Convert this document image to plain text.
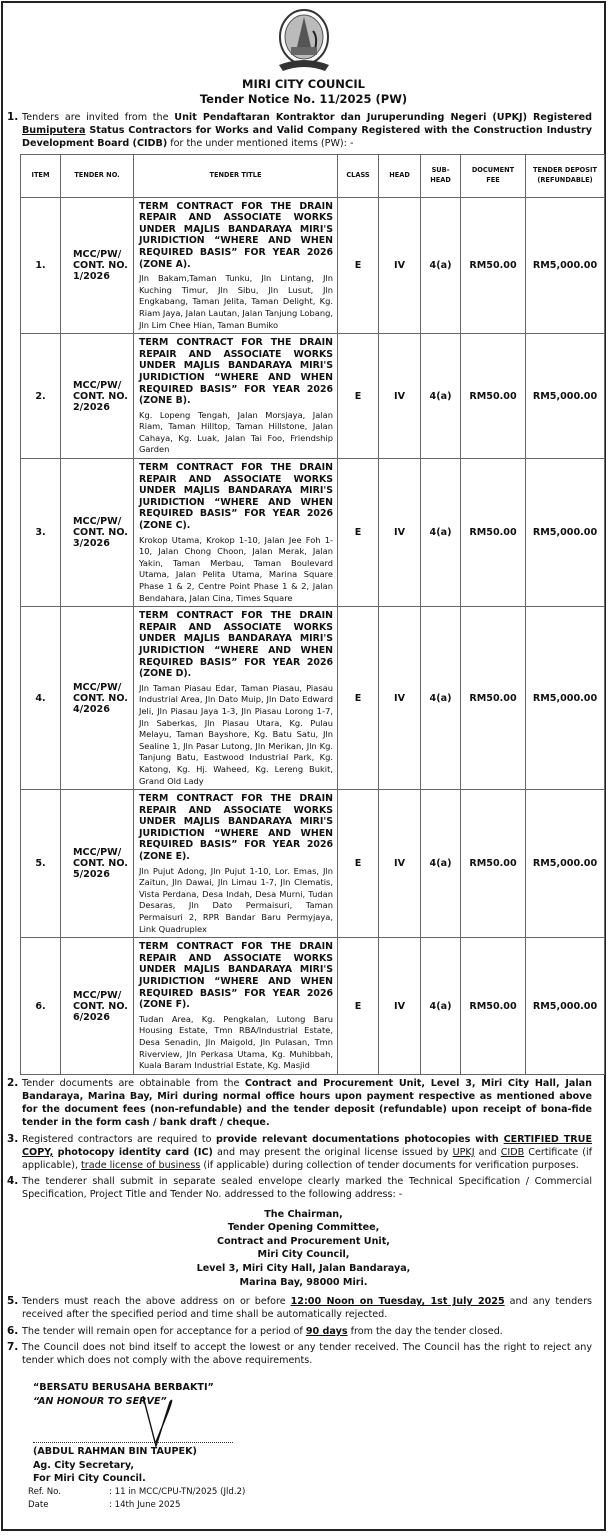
MIRI CITY COUNCIL
Tender Notice No. 11/2025 (PW)
1. Tenders are invited from the Unit Pendaftaran Kontraktor dan Juruperunding Negeri (UPKJ) Registered Bumiputera Status Contractors for Works and Valid Company Registered with the Construction Industry Development Board (CIDB) for the under mentioned items (PW): -
ITEM	TENDER NO.	TENDER TITLE	CLASS	HEAD	SUB-HEAD	DOCUMENT FEE	TENDER DEPOSIT (REFUNDABLE)
1.	MCC/PW/ CONT. NO. 1/2026	TERM CONTRACT FOR THE DRAIN REPAIR AND ASSOCIATE WORKS UNDER MAJLIS BANDARAYA MIRI'S JURIDICTION “WHERE AND WHEN REQUIRED BASIS” FOR YEAR 2026 (ZONE A).
Jln Bakam,Taman Tunku, Jln Lintang, Jln Kuching Timur, Jln Sibu, Jln Lusut, Jln Engkabang, Taman Jelita, Taman Delight, Kg. Riam Jaya, Jalan Lautan, Jalan Tanjung Lobang, Jln Lim Chee Hian, Taman Bumiko	E	IV	4(a)	RM50.00	RM5,000.00
2.	MCC/PW/ CONT. NO. 2/2026	TERM CONTRACT FOR THE DRAIN REPAIR AND ASSOCIATE WORKS UNDER MAJLIS BANDARAYA MIRI'S JURIDICTION “WHERE AND WHEN REQUIRED BASIS” FOR YEAR 2026 (ZONE B).
Kg. Lopeng Tengah, Jalan Morsjaya, Jalan Riam, Taman Hilltop, Taman Hillstone, Jalan Cahaya, Kg. Luak, Jalan Tai Foo, Friendship Garden	E	IV	4(a)	RM50.00	RM5,000.00
3.	MCC/PW/ CONT. NO. 3/2026	TERM CONTRACT FOR THE DRAIN REPAIR AND ASSOCIATE WORKS UNDER MAJLIS BANDARAYA MIRI'S JURIDICTION “WHERE AND WHEN REQUIRED BASIS” FOR YEAR 2026 (ZONE C).
Krokop Utama, Krokop 1-10, Jalan Jee Foh 1-10, Jalan Chong Choon, Jalan Merak, Jalan Yakin, Taman Merbau, Taman Boulevard Utama, Jalan Pelita Utama, Marina Square Phase 1 & 2, Centre Point Phase 1 & 2, Jalan Bendahara, Jalan Cina, Times Square	E	IV	4(a)	RM50.00	RM5,000.00
4.	MCC/PW/ CONT. NO. 4/2026	TERM CONTRACT FOR THE DRAIN REPAIR AND ASSOCIATE WORKS UNDER MAJLIS BANDARAYA MIRI'S JURIDICTION “WHERE AND WHEN REQUIRED BASIS” FOR YEAR 2026 (ZONE D).
Jln Taman Piasau Edar, Taman Piasau, Piasau Industrial Area, Jln Dato Muip, Jln Dato Edward Jeli, Jln Piasau Jaya 1-3, Jln Piasau Lorong 1-7, Jln Saberkas, Jln Piasau Utara, Kg. Pulau Melayu, Taman Bayshore, Kg. Batu Satu, Jln Sealine 1, Jln Pasar Lutong, Jln Merikan, Jln Kg. Tanjung Batu, Eastwood Industrial Park, Kg. Katong, Kg. Hj. Waheed, Kg. Lereng Bukit, Grand Old Lady	E	IV	4(a)	RM50.00	RM5,000.00
5.	MCC/PW/ CONT. NO. 5/2026	TERM CONTRACT FOR THE DRAIN REPAIR AND ASSOCIATE WORKS UNDER MAJLIS BANDARAYA MIRI'S JURIDICTION “WHERE AND WHEN REQUIRED BASIS” FOR YEAR 2026 (ZONE E).
Jln Pujut Adong, Jln Pujut 1-10, Lor. Emas, Jln Zaitun, Jln Dawai, Jln Limau 1-7, Jln Clematis, Vista Perdana, Desa Indah, Desa Murni, Tudan Desaras, Jln Dato Permaisuri, Taman Permaisuri 2, RPR Bandar Baru Permyjaya, Link Quadruplex	E	IV	4(a)	RM50.00	RM5,000.00
6.	MCC/PW/ CONT. NO. 6/2026	TERM CONTRACT FOR THE DRAIN REPAIR AND ASSOCIATE WORKS UNDER MAJLIS BANDARAYA MIRI'S JURIDICTION “WHERE AND WHEN REQUIRED BASIS” FOR YEAR 2026 (ZONE F).
Tudan Area, Kg. Pengkalan, Lutong Baru Housing Estate, Tmn RBA/Industrial Estate, Desa Senadin, Jln Maigold, Jln Pulasan, Tmn Riverview, Jln Perkasa Utama, Kg. Muhibbah, Kuala Baram Industrial Estate, Kg. Masjid	E	IV	4(a)	RM50.00	RM5,000.00
2. Tender documents are obtainable from the Contract and Procurement Unit, Level 3, Miri City Hall, Jalan Bandaraya, Marina Bay, Miri during normal office hours upon payment respective as mentioned above for the document fees (non-refundable) and the tender deposit (refundable) upon receipt of bona-fide tender in the form cash / bank draft / cheque.
3. Registered contractors are required to provide relevant documentations photocopies with CERTIFIED TRUE COPY, photocopy identity card (IC) and may present the original license issued by UPKJ and CIDB Certificate (if applicable), trade license of business (if applicable) during collection of tender documents for verification purposes.
4. The tenderer shall submit in separate sealed envelope clearly marked the Technical Specification / Commercial Specification, Project Title and Tender No. addressed to the following address: -
The Chairman,
Tender Opening Committee,
Contract and Procurement Unit,
Miri City Council,
Level 3, Miri City Hall, Jalan Bandaraya,
Marina Bay, 98000 Miri.
5. Tenders must reach the above address on or before 12:00 Noon on Tuesday, 1st July 2025 and any tenders received after the specified period and time shall be automatically rejected.
6. The tender will remain open for acceptance for a period of 90 days from the day the tender closed.
7. The Council does not bind itself to accept the lowest or any tender received. The Council has the right to reject any tender which does not comply with the above requirements.
“BERSATU BERUSAHA BERBAKTI”
“AN HONOUR TO SERVE”
(ABDUL RAHMAN BIN TAUPEK)
Ag. City Secretary,
For Miri City Council.
Ref. No.	: 11 in MCC/CPU-TN/2025 (Jld.2)
Date	: 14th June 2025
